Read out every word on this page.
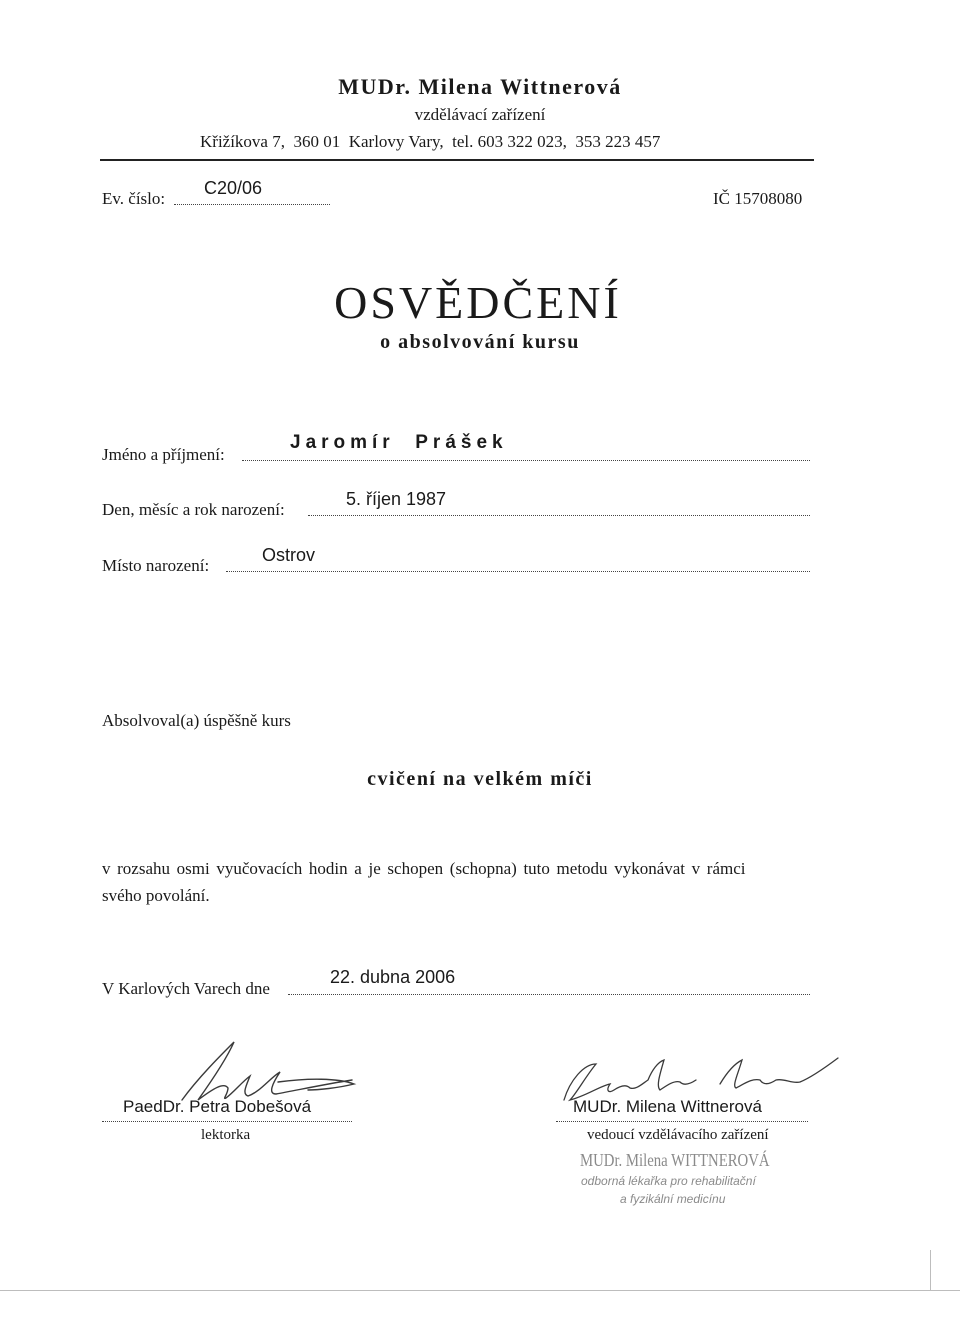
MUDr. Milena Wittnerová
vzdělávací zařízení
Křižíkova 7,  360 01  Karlovy Vary,  tel. 603 322 023,  353 223 457
Ev. číslo:
C20/06
IČ 15708080
OSVĚDČENÍ
o absolvování kursu
Jméno a příjmení:
Jaromír  Prášek
Den, měsíc a rok narození:
5. říjen 1987
Místo narození:
Ostrov
Absolvoval(a) úspěšně kurs
cvičení na velkém míči
v rozsahu osmi vyučovacích hodin a je schopen (schopna) tuto metodu vykonávat v rámci
svého povolání.
V Karlových Varech dne
22. dubna 2006
PaedDr. Petra Dobešová
lektorka
MUDr. Milena Wittnerová
vedoucí vzdělávacího zařízení
MUDr. Milena WITTNEROVÁ
odborná lékařka pro rehabilitační
a fyzikální medicínu
